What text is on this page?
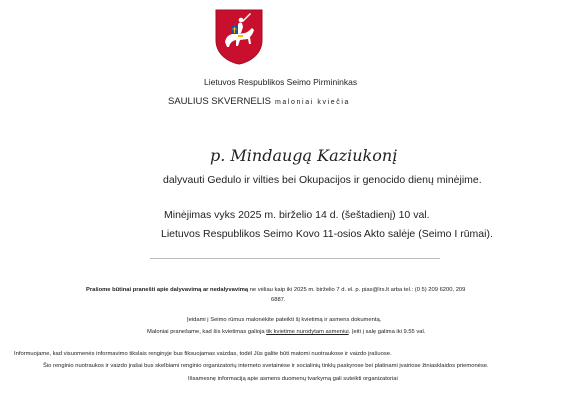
Lietuvos Respublikos Seimo Pirmininkas
SAULIUS SKVERNELIS maloniai kviečia
p. Mindaugą Kaziukonį
dalyvauti Gedulo ir vilties bei Okupacijos ir genocido dienų minėjime.
Minėjimas vyks 2025 m. birželio 14 d. (šeštadienį) 10 val.
Lietuvos Respublikos Seimo Kovo 11-osios Akto salėje (Seimo I rūmai).
Prašome būtinai pranešti apie dalyvavimą ar nedalyvavimą ne vėliau kaip iki 2025 m. birželio 7 d. el. p. pias@lrs.lt arba tel.: (0 5) 209 6200, 209
6887.
Įeidami į Seimo rūmus malonėkite pateikti šį kvietimą ir asmens dokumentą.
Maloniai pranešame, kad šis kvietimas galioja tik kvietime nurodytam asmeniui. Įeiti į salę galima iki 9.55 val.
Informuojame, kad visuomenės informavimo tikslais renginyje bus fiksuojamas vaizdas, todėl Jūs galite būti matomi nuotraukose ir vaizdo įrašuose.
Šio renginio nuotraukos ir vaizdo įrašai bus skelbiami renginio organizatorių interneto svetainėse ir socialinių tinklų paskyrose bei platinami įvairiose žiniasklaidos priemonėse.
Išsamesnę informaciją apie asmens duomenų tvarkymą gali suteikti organizatoriai
